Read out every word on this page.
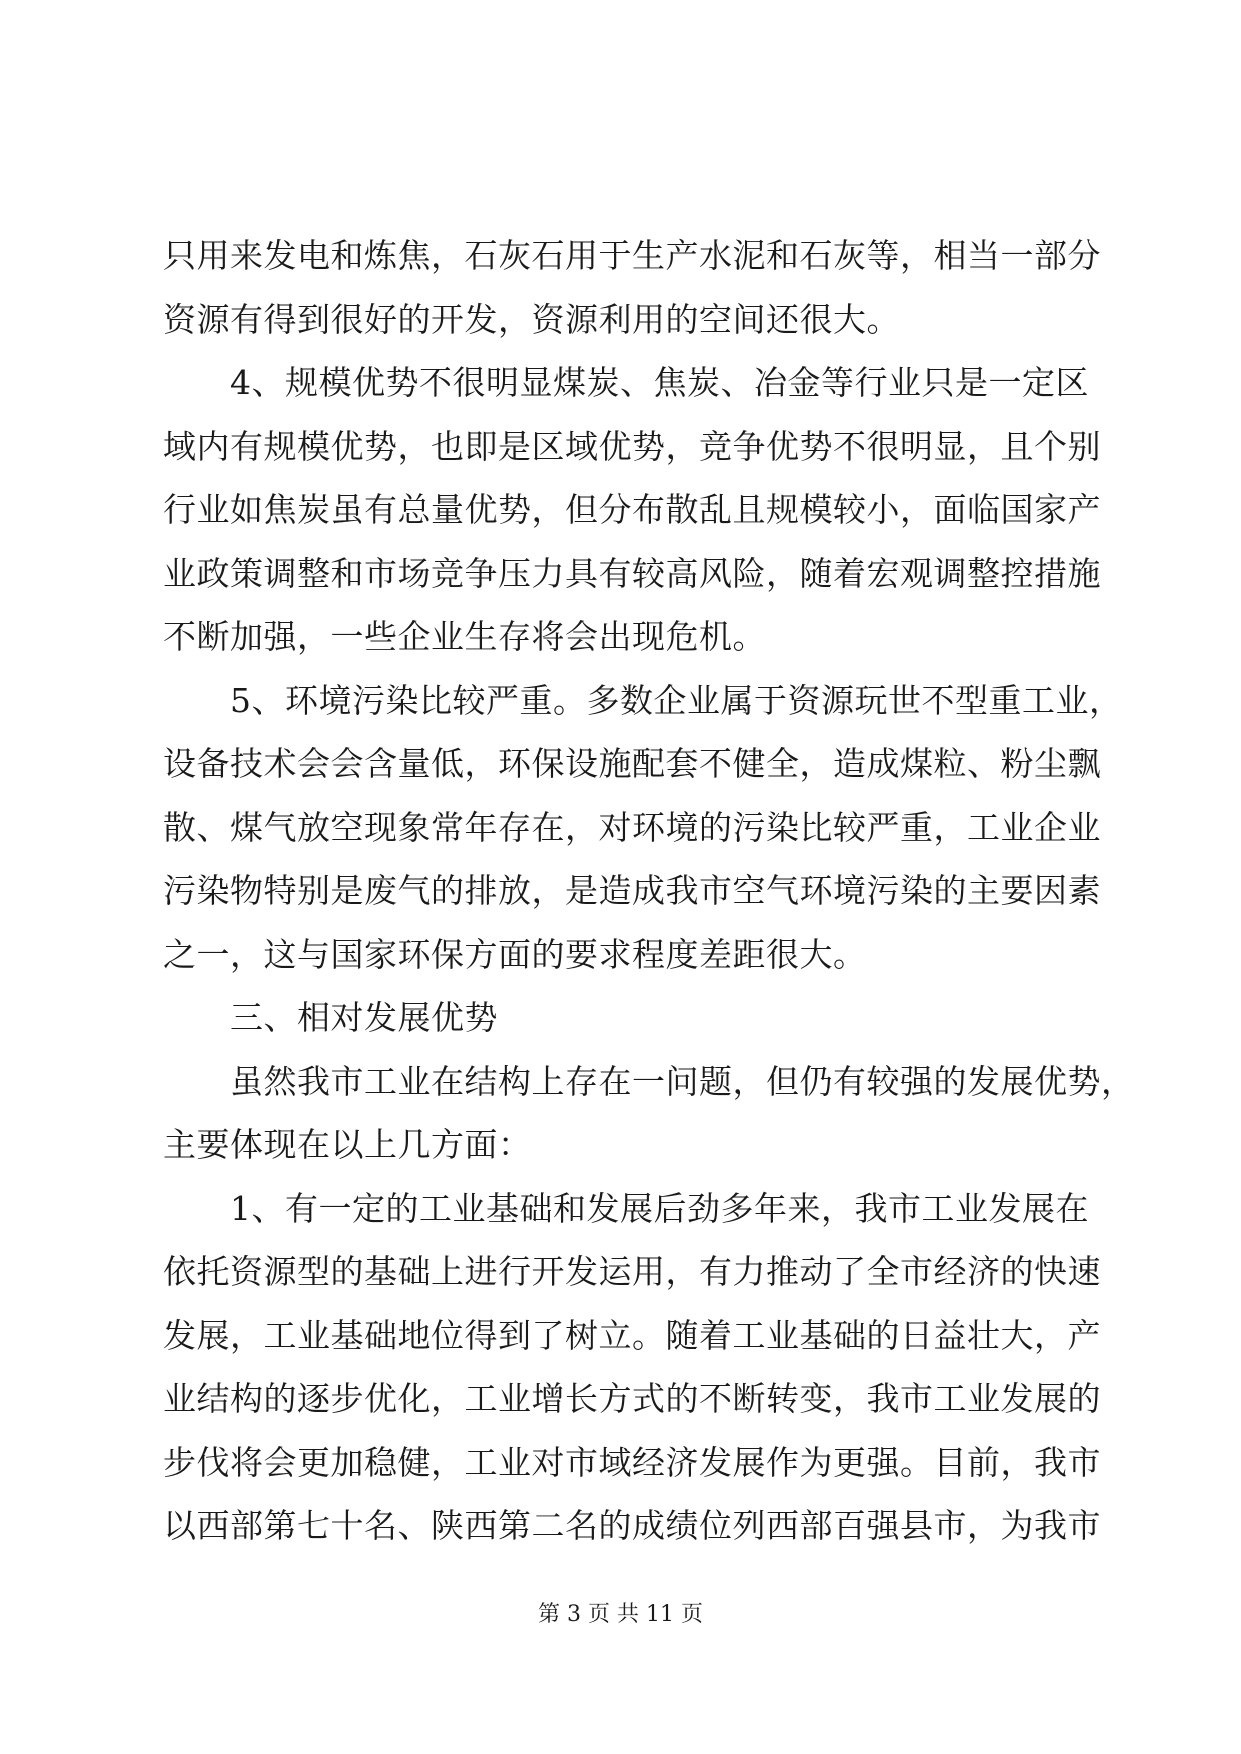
只用来发电和炼焦，石灰石用于生产水泥和石灰等，相当一部分
资源有得到很好的开发，资源利用的空间还很大。
4、规模优势不很明显煤炭、焦炭、冶金等行业只是一定区
域内有规模优势，也即是区域优势，竞争优势不很明显，且个别
行业如焦炭虽有总量优势，但分布散乱且规模较小，面临国家产
业政策调整和市场竞争压力具有较高风险，随着宏观调整控措施
不断加强，一些企业生存将会出现危机。
5、环境污染比较严重。多数企业属于资源玩世不型重工业，
设备技术会会含量低，环保设施配套不健全，造成煤粒、粉尘飘
散、煤气放空现象常年存在，对环境的污染比较严重，工业企业
污染物特别是废气的排放，是造成我市空气环境污染的主要因素
之一，这与国家环保方面的要求程度差距很大。
三、相对发展优势
虽然我市工业在结构上存在一问题，但仍有较强的发展优势，
主要体现在以上几方面：
1、有一定的工业基础和发展后劲多年来，我市工业发展在
依托资源型的基础上进行开发运用，有力推动了全市经济的快速
发展，工业基础地位得到了树立。随着工业基础的日益壮大，产
业结构的逐步优化，工业增长方式的不断转变，我市工业发展的
步伐将会更加稳健，工业对市域经济发展作为更强。目前，我市
以西部第七十名、陕西第二名的成绩位列西部百强县市，为我市
第 3 页 共 11 页
